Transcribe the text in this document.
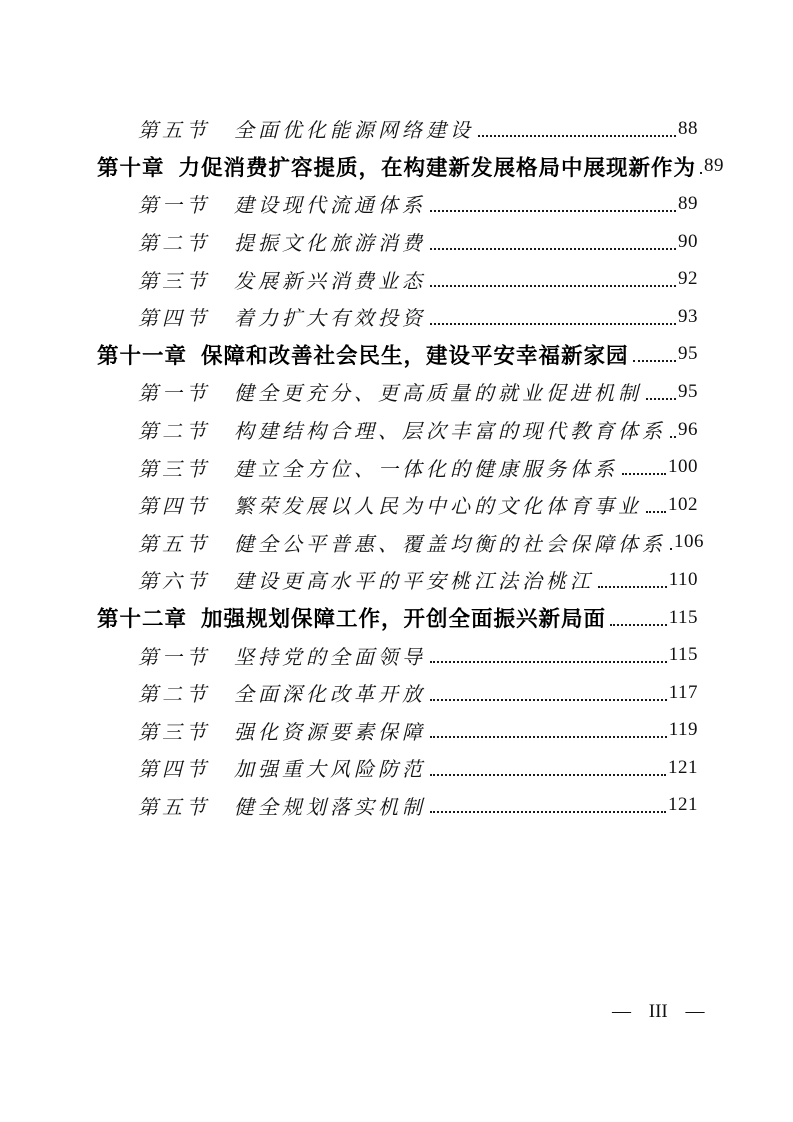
第五节 全面优化能源网络建设	88
第十章 力促消费扩容提质，在构建新发展格局中展现新作为 89
第一节 建设现代流通体系	89
第二节 提振文化旅游消费	90
第三节 发展新兴消费业态	92
第四节 着力扩大有效投资	93
第十一章 保障和改善社会民生，建设平安幸福新家园	95
第一节 健全更充分、更高质量的就业促进机制 95
第二节 构建结构合理、层次丰富的现代教育体系 96
第三节 建立全方位、一体化的健康服务体系	100
第四节 繁荣发展以人民为中心的文化体育事业 102
第五节 健全公平普惠、覆盖均衡的社会保障体系 106
第六节 建设更高水平的平安桃江法治桃江	110
第十二章 加强规划保障工作，开创全面振兴新局面	115
第一节 坚持党的全面领导	115
第二节 全面深化改革开放	117
第三节 强化资源要素保障	119
第四节 加强重大风险防范	121
第五节 健全规划落实机制	121
— III —
